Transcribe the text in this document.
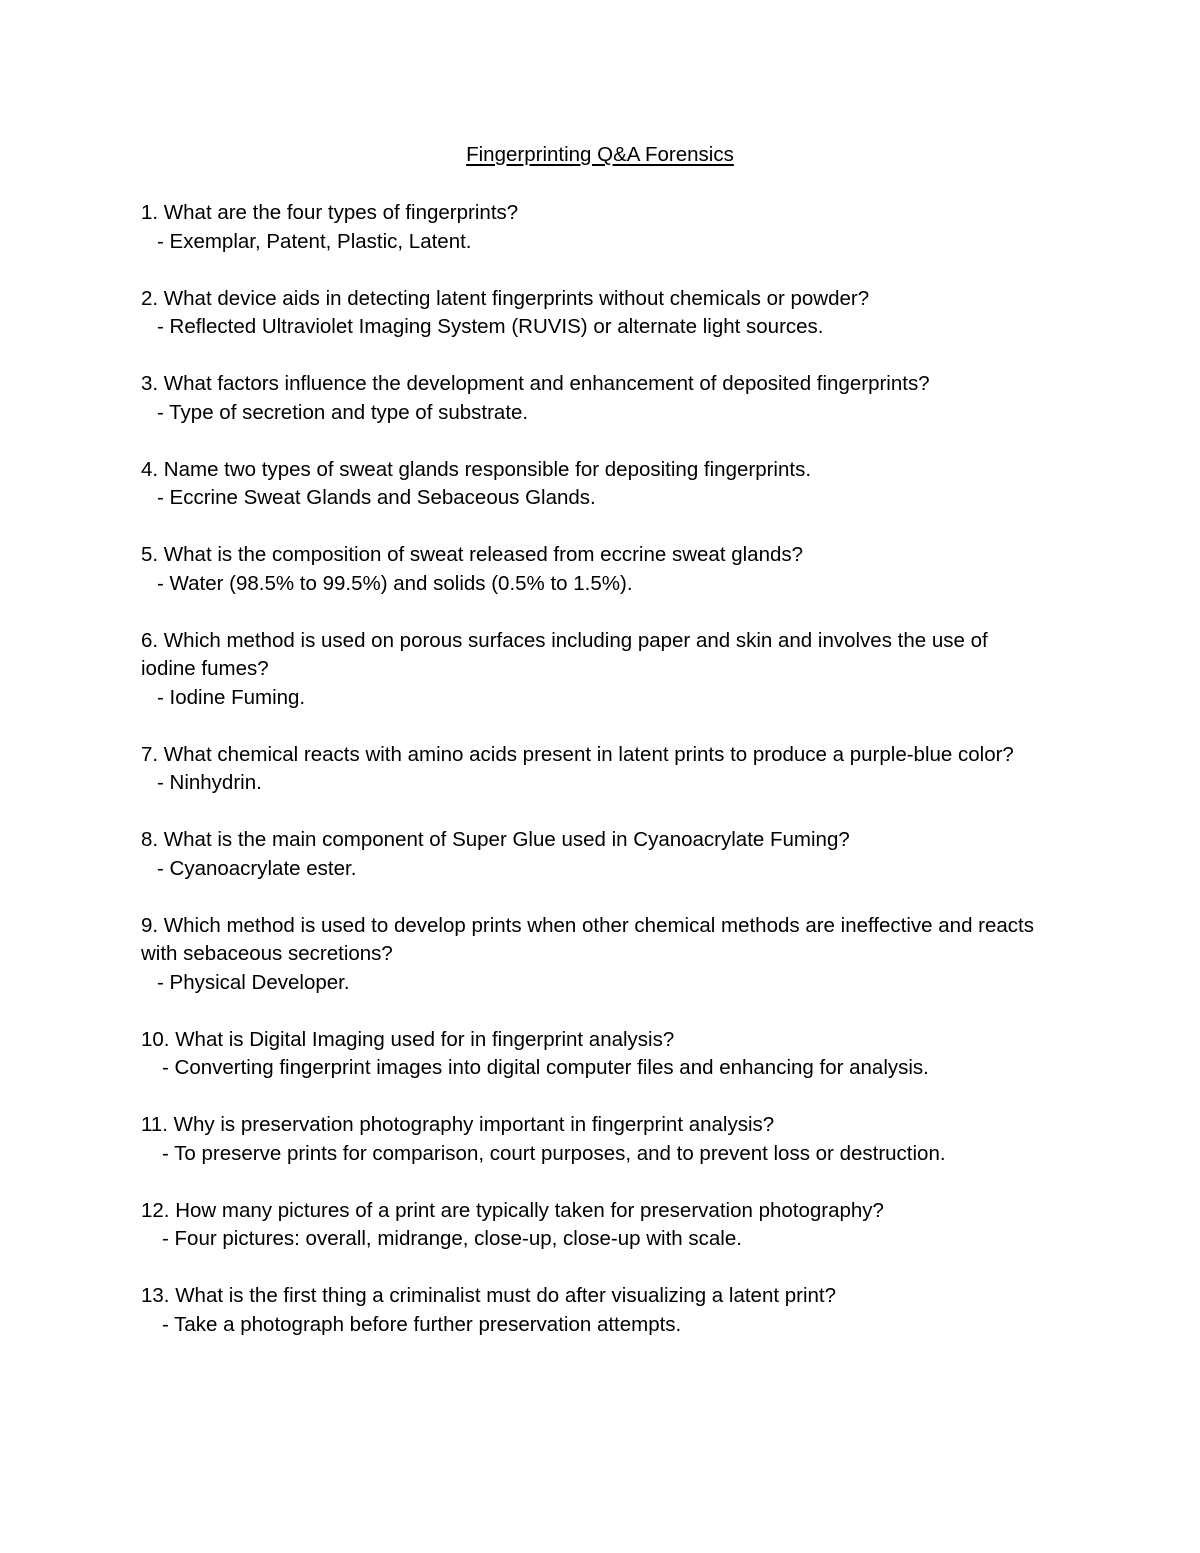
Fingerprinting Q&A Forensics

1. What are the four types of fingerprints?

- Exemplar, Patent, Plastic, Latent.

2. What device aids in detecting latent fingerprints without chemicals or powder?

- Reflected Ultraviolet Imaging System (RUVIS) or alternate light sources.

3. What factors influence the development and enhancement of deposited fingerprints?

- Type of secretion and type of substrate.

4. Name two types of sweat glands responsible for depositing fingerprints.

- Eccrine Sweat Glands and Sebaceous Glands.

5. What is the composition of sweat released from eccrine sweat glands?

- Water (98.5% to 99.5%) and solids (0.5% to 1.5%).

6. Which method is used on porous surfaces including paper and skin and involves the use of iodine fumes?

- Iodine Fuming.

7. What chemical reacts with amino acids present in latent prints to produce a purple-blue color?

- Ninhydrin.

8. What is the main component of Super Glue used in Cyanoacrylate Fuming?

- Cyanoacrylate ester.

9. Which method is used to develop prints when other chemical methods are ineffective and reacts with sebaceous secretions?

- Physical Developer.

10. What is Digital Imaging used for in fingerprint analysis?

- Converting fingerprint images into digital computer files and enhancing for analysis.

11. Why is preservation photography important in fingerprint analysis?

- To preserve prints for comparison, court purposes, and to prevent loss or destruction.

12. How many pictures of a print are typically taken for preservation photography?

- Four pictures: overall, midrange, close-up, close-up with scale.

13. What is the first thing a criminalist must do after visualizing a latent print?

- Take a photograph before further preservation attempts.
